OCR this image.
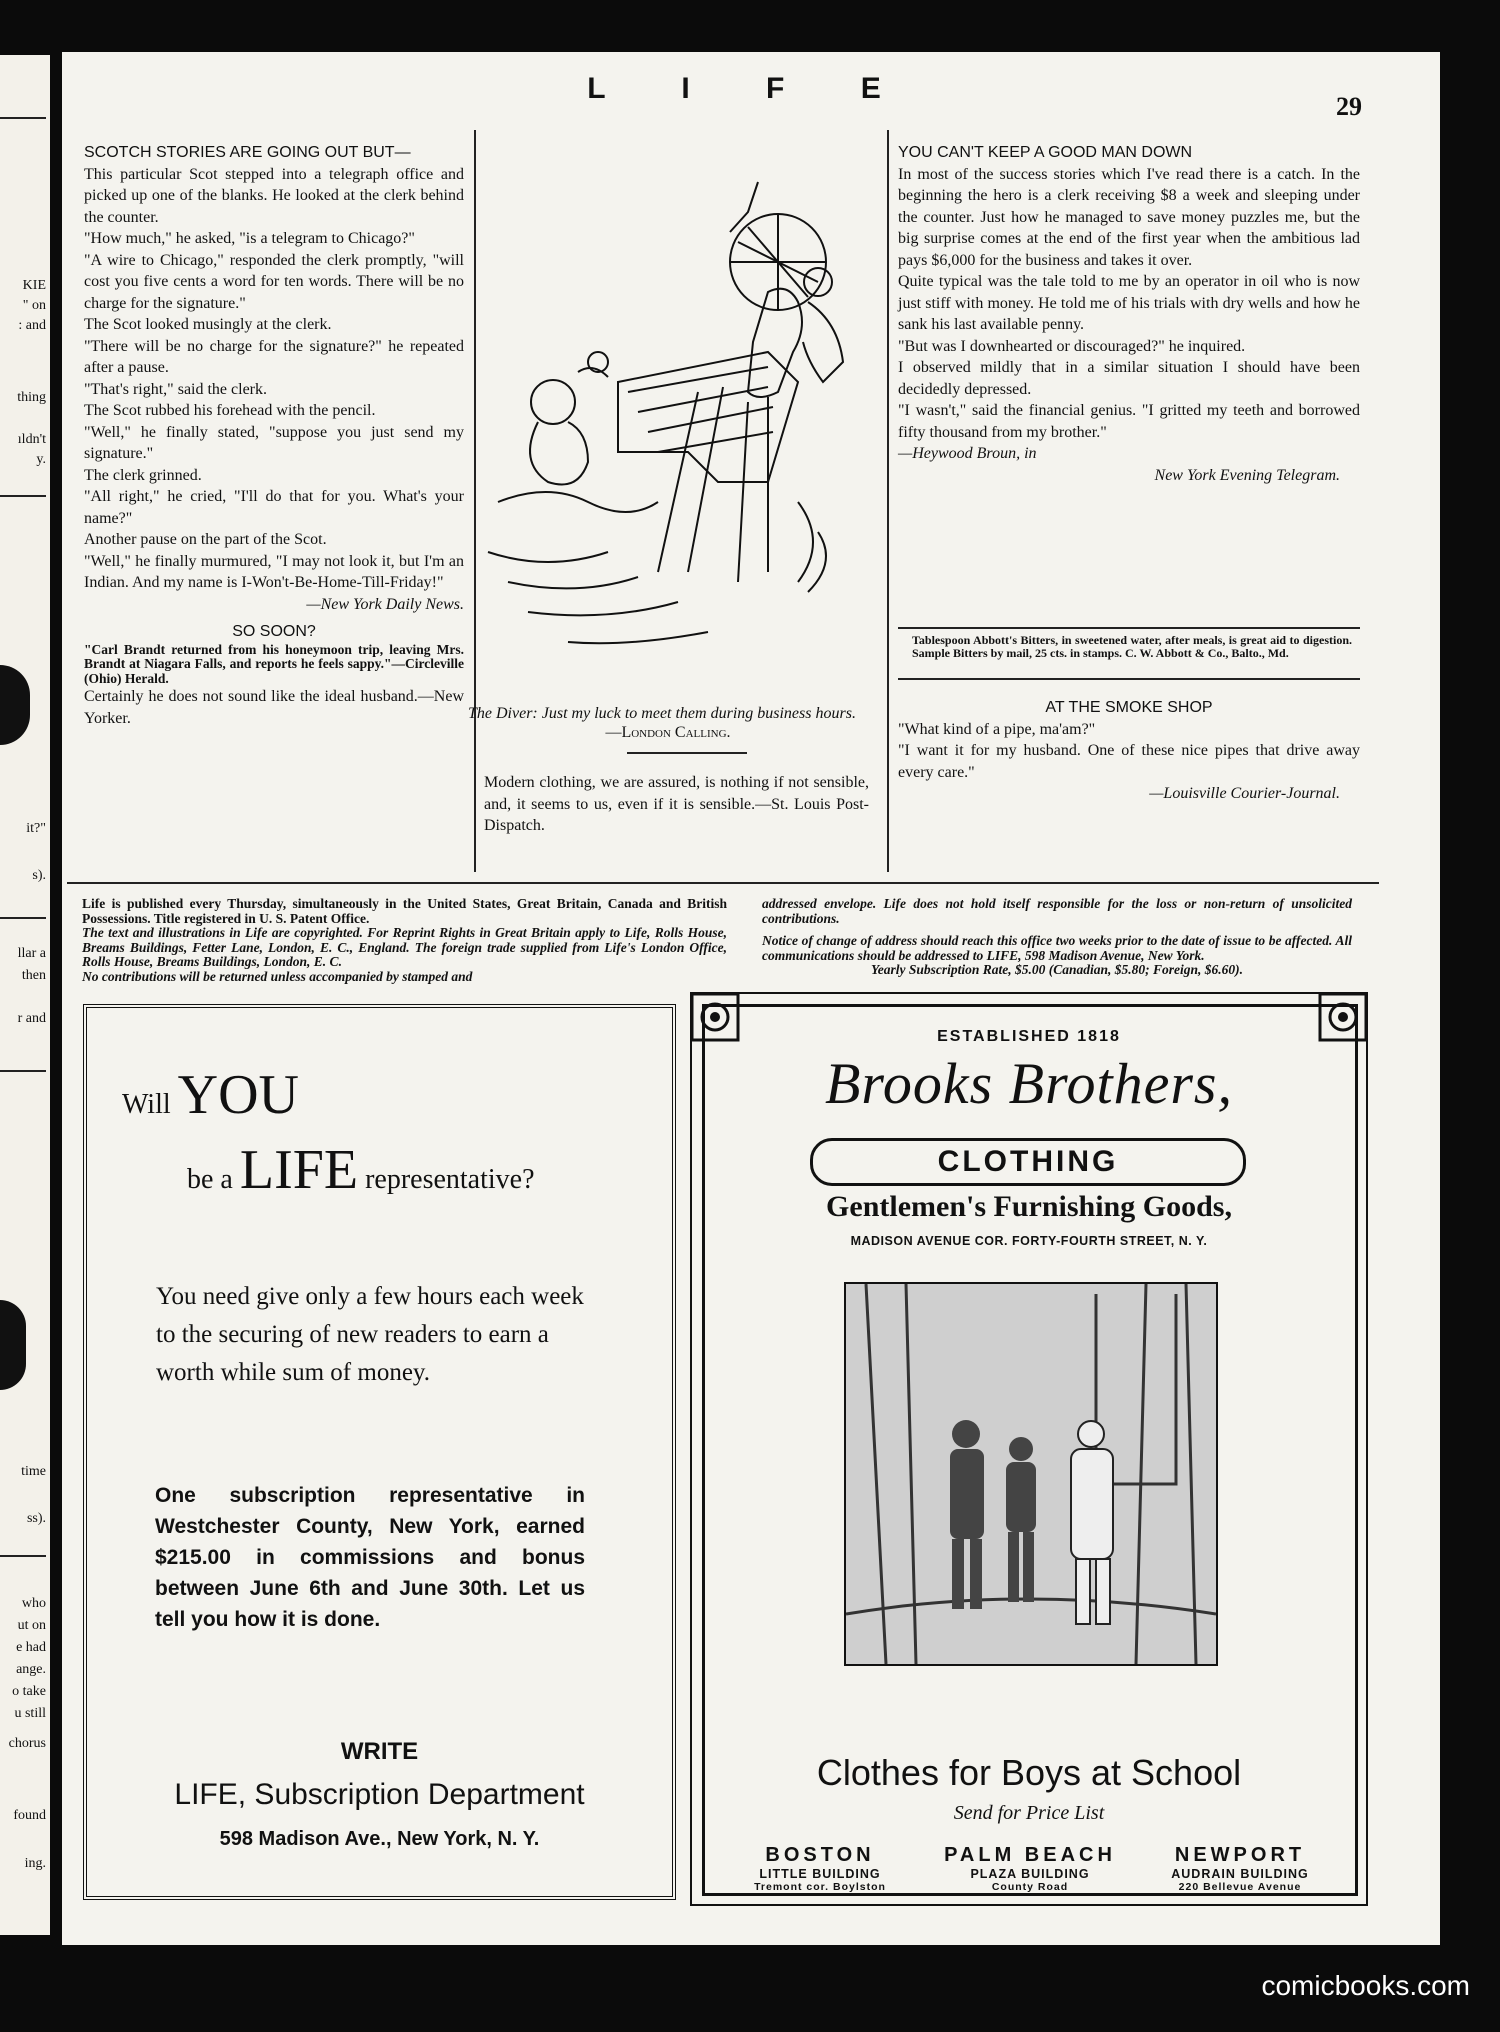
KIE
" on
: and
thing
ıldn't
y.
it?"
s).
llar a
then
r and
time
ss).
who
ut on
e had
ange.
o take
u still
chorus
found
ing.
L I F E
29

SCOTCH STORIES ARE GOING OUT BUT—

This particular Scot stepped into a telegraph office and picked up one of the blanks. He looked at the clerk behind the counter.

"How much," he asked, "is a telegram to Chicago?"

"A wire to Chicago," responded the clerk promptly, "will cost you five cents a word for ten words. There will be no charge for the signature."

The Scot looked musingly at the clerk.

"There will be no charge for the signature?" he repeated after a pause.

"That's right," said the clerk.

The Scot rubbed his forehead with the pencil.

"Well," he finally stated, "suppose you just send my signature."

The clerk grinned.

"All right," he cried, "I'll do that for you. What's your name?"

Another pause on the part of the Scot.

"Well," he finally murmured, "I may not look it, but I'm an Indian. And my name is I-Won't-Be-Home-Till-Friday!"

—New York Daily News.

SO SOON?

"Carl Brandt returned from his honeymoon trip, leaving Mrs. Brandt at Niagara Falls, and reports he feels sappy."—Circleville (Ohio) Herald.

Certainly he does not sound like the ideal husband.—New Yorker.	The Diver: Just my luck to meet them during business hours.

—London Calling.

Modern clothing, we are assured, is nothing if not sensible, and, it seems to us, even if it is sensible.—St. Louis Post-Dispatch.

YOU CAN'T KEEP A GOOD MAN DOWN

In most of the success stories which I've read there is a catch. In the beginning the hero is a clerk receiving $8 a week and sleeping under the counter. Just how he managed to save money puzzles me, but the big surprise comes at the end of the first year when the ambitious lad pays $6,000 for the business and takes it over.

Quite typical was the tale told to me by an operator in oil who is now just stiff with money. He told me of his trials with dry wells and how he sank his last available penny.

"But was I downhearted or discouraged?" he inquired.

I observed mildly that in a similar situation I should have been decidedly depressed.

"I wasn't," said the financial genius. "I gritted my teeth and borrowed fifty thousand from my brother."

—Heywood Broun, in

New York Evening Telegram.

Tablespoon Abbott's Bitters, in sweetened water, after meals, is great aid to digestion. Sample Bitters by mail, 25 cts. in stamps. C. W. Abbott & Co., Balto., Md.

AT THE SMOKE SHOP

"What kind of a pipe, ma'am?"

"I want it for my husband. One of these nice pipes that drive away every care."

—Louisville Courier-Journal.

Life is published every Thursday, simultaneously in the United States, Great Britain, Canada and British Possessions. Title registered in U. S. Patent Office.

The text and illustrations in Life are copyrighted. For Reprint Rights in Great Britain apply to Life, Rolls House, Breams Buildings, Fetter Lane, London, E. C., England. The foreign trade supplied from Life's London Office, Rolls House, Breams Buildings, London, E. C.

No contributions will be returned unless accompanied by stamped and

addressed envelope. Life does not hold itself responsible for the loss or non-return of unsolicited contributions.

Notice of change of address should reach this office two weeks prior to the date of issue to be affected. All communications should be addressed to LIFE, 598 Madison Avenue, New York.

Yearly Subscription Rate, $5.00 (Canadian, $5.80; Foreign, $6.60).

Will YOU
be a LIFE representative?
You need give only a few hours each week to the securing of new readers to earn a worth while sum of money.
One subscription representative in Westchester County, New York, earned $215.00 in commissions and bonus between June 6th and June 30th. Let us tell you how it is done.
WRITE
LIFE, Subscription Department
598 Madison Ave., New York, N. Y.
ESTABLISHED 1818
Brooks Brothers,
CLOTHING
Gentlemen's Furnishing Goods,
MADISON AVENUE COR. FORTY-FOURTH STREET, N. Y.
Clothes for Boys at School
Send for Price List
BOSTON
LITTLE BUILDING
Tremont cor. Boylston
PALM BEACH
PLAZA BUILDING
County Road
NEWPORT
AUDRAIN BUILDING
220 Bellevue Avenue
comicbooks.com
